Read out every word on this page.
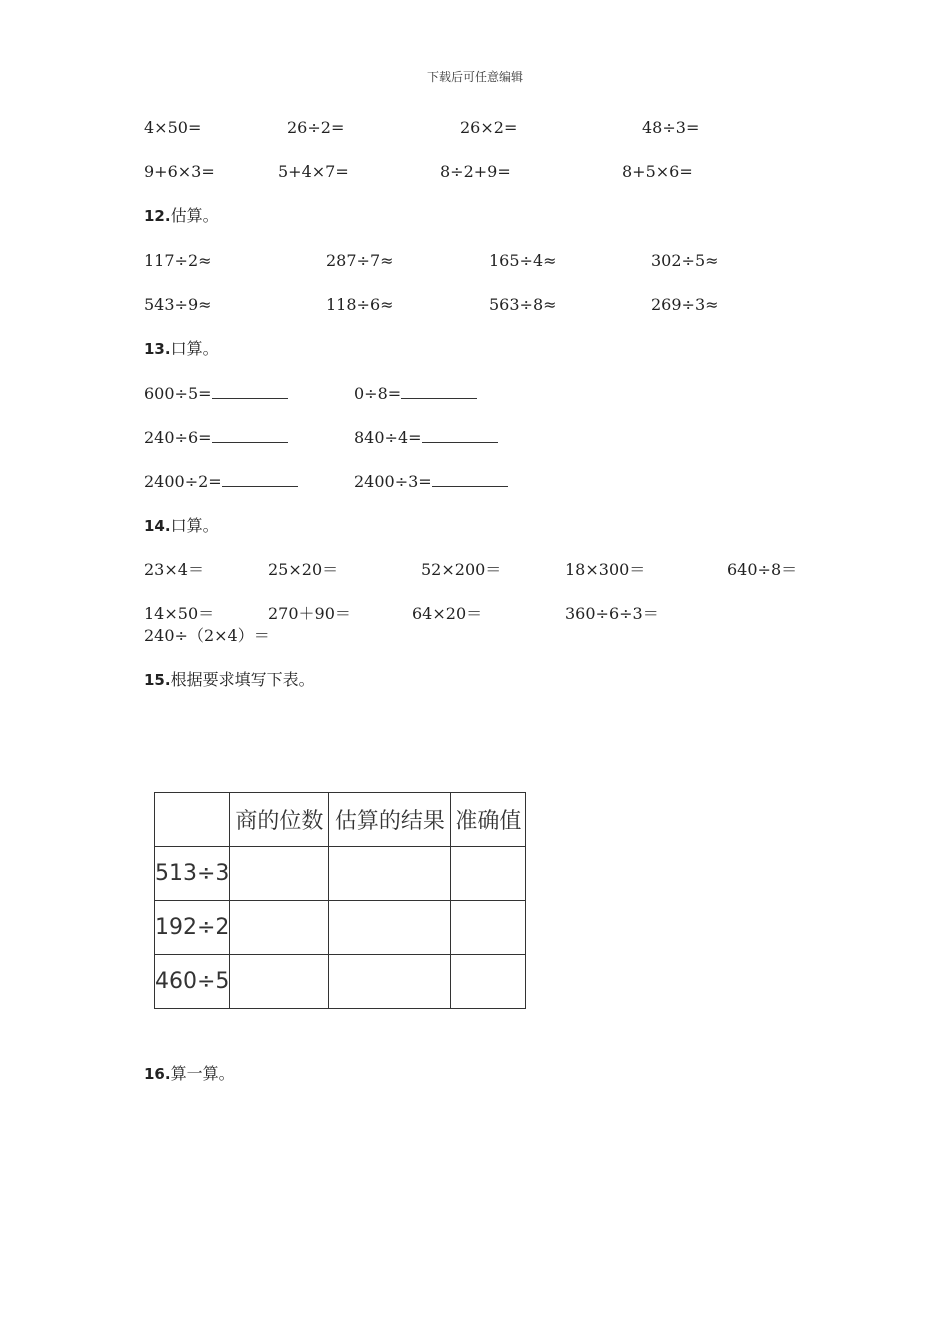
下载后可任意编辑
4×50=	26÷2=	26×2=	48÷3=
9+6×3=	5+4×7=	8÷2+9=	8+5×6=
12.估算。
117÷2≈	287÷7≈	165÷4≈	302÷5≈
543÷9≈	118÷6≈	563÷8≈	269÷3≈
13.口算。
600÷5=	0÷8=
240÷6=	840÷4=
2400÷2=	2400÷3=
14.口算。
23×4＝	25×20＝	52×200＝	18×300＝	640÷8＝
14×50＝	270＋90＝	64×20＝	360÷6÷3＝
240÷（2×4）＝
15.根据要求填写下表。
	商的位数	估算的结果	准确值
513÷3			
192÷2			
460÷5			
16.算一算。
